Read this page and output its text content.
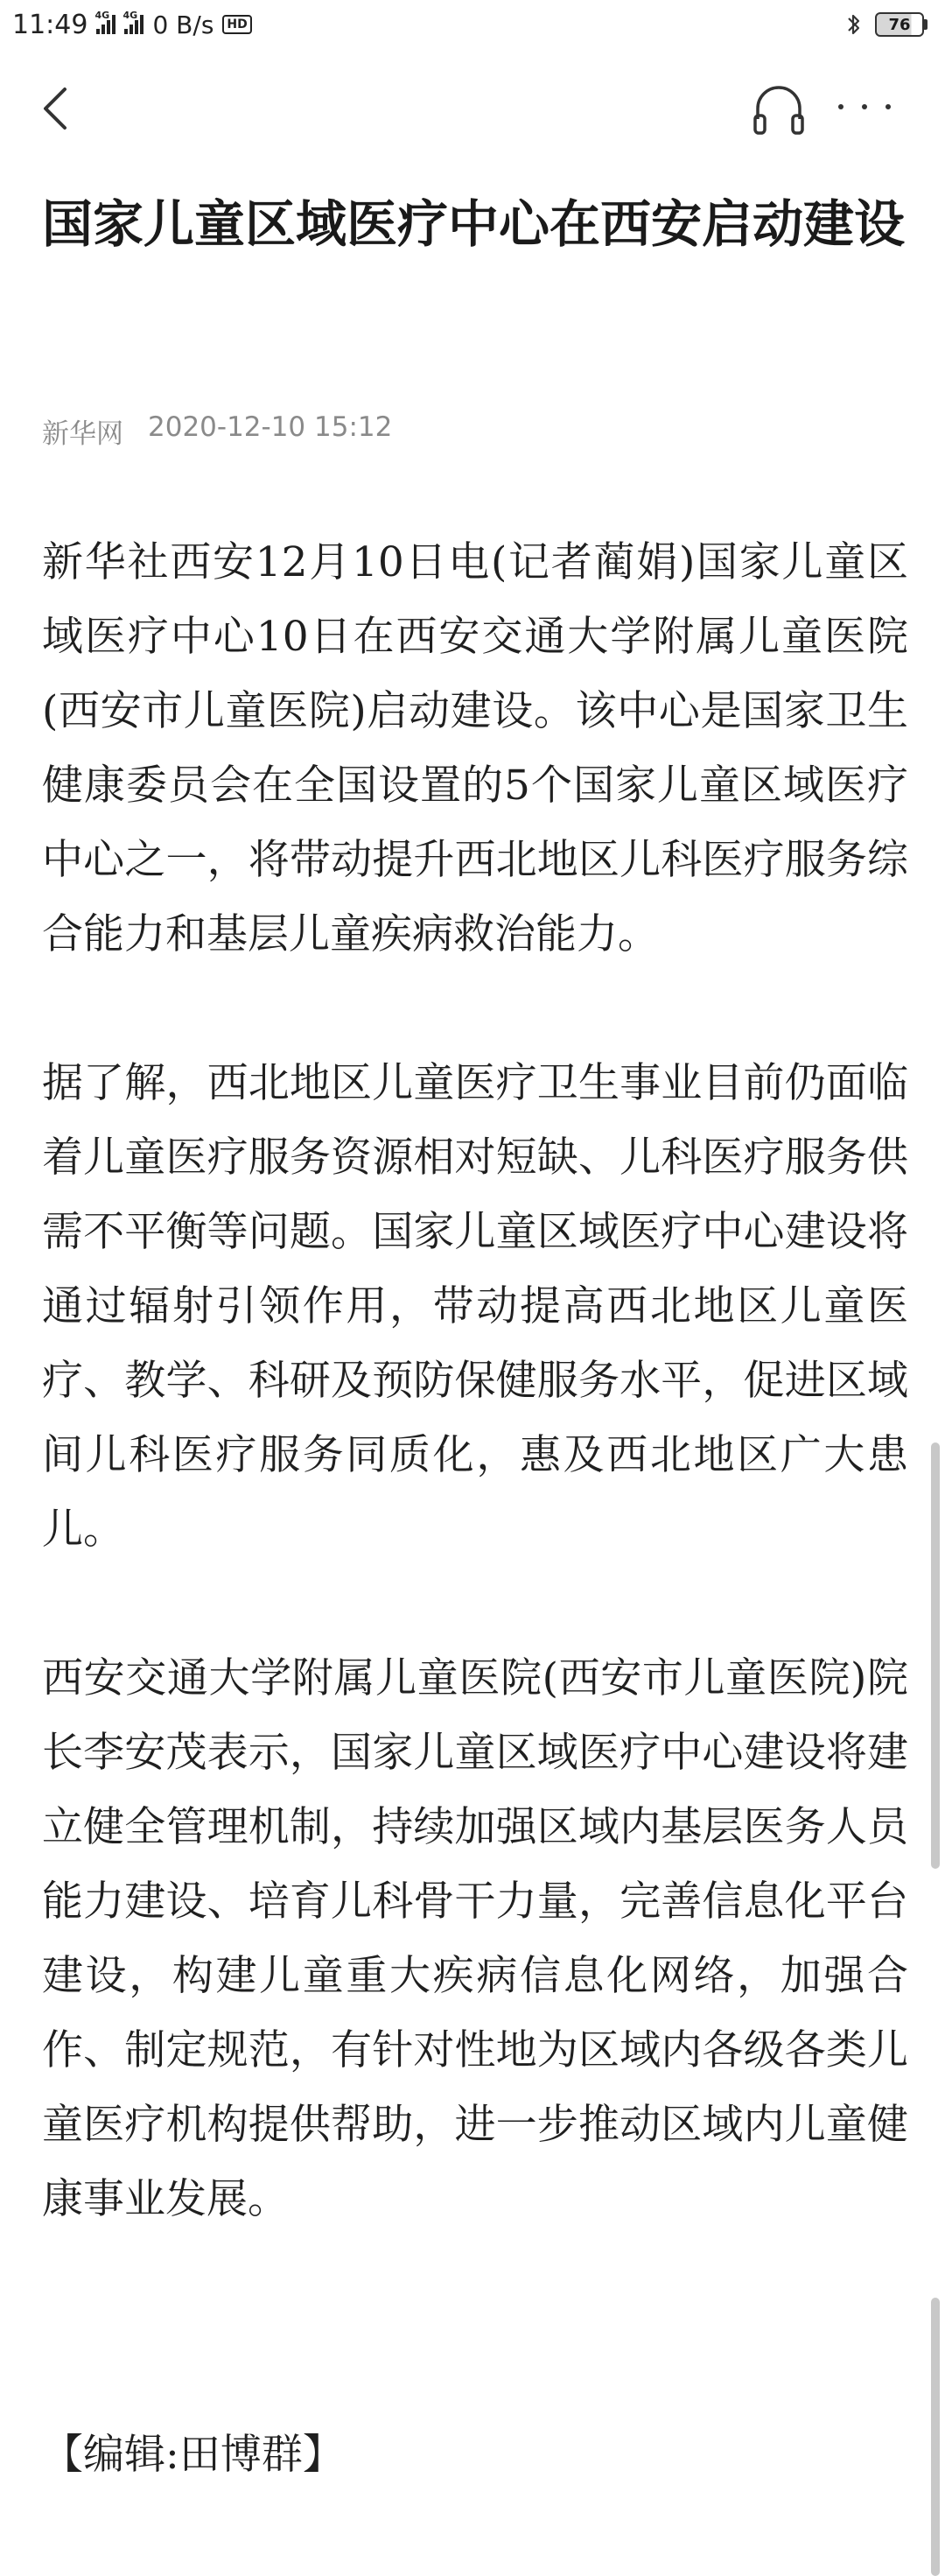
11:49 4G 4G 0 B/s	HD	76
国家儿童区域医疗中心在西安启动建设
新华网 2020-12-10 15:12

新华社西安12月10日电(记者蔺娟)国家儿童区域医疗中心10日在西安交通大学附属儿童医院(西安市儿童医院)启动建设。该中心是国家卫生健康委员会在全国设置的5个国家儿童区域医疗中心之一，将带动提升西北地区儿科医疗服务综合能力和基层儿童疾病救治能力。

据了解，西北地区儿童医疗卫生事业目前仍面临着儿童医疗服务资源相对短缺、儿科医疗服务供需不平衡等问题。国家儿童区域医疗中心建设将通过辐射引领作用，带动提高西北地区儿童医疗、教学、科研及预防保健服务水平，促进区域间儿科医疗服务同质化，惠及西北地区广大患儿。

西安交通大学附属儿童医院(西安市儿童医院)院长李安茂表示，国家儿童区域医疗中心建设将建立健全管理机制，持续加强区域内基层医务人员能力建设、培育儿科骨干力量，完善信息化平台建设，构建儿童重大疾病信息化网络，加强合作、制定规范，有针对性地为区域内各级各类儿童医疗机构提供帮助，进一步推动区域内儿童健康事业发展。

【编辑:田博群】
